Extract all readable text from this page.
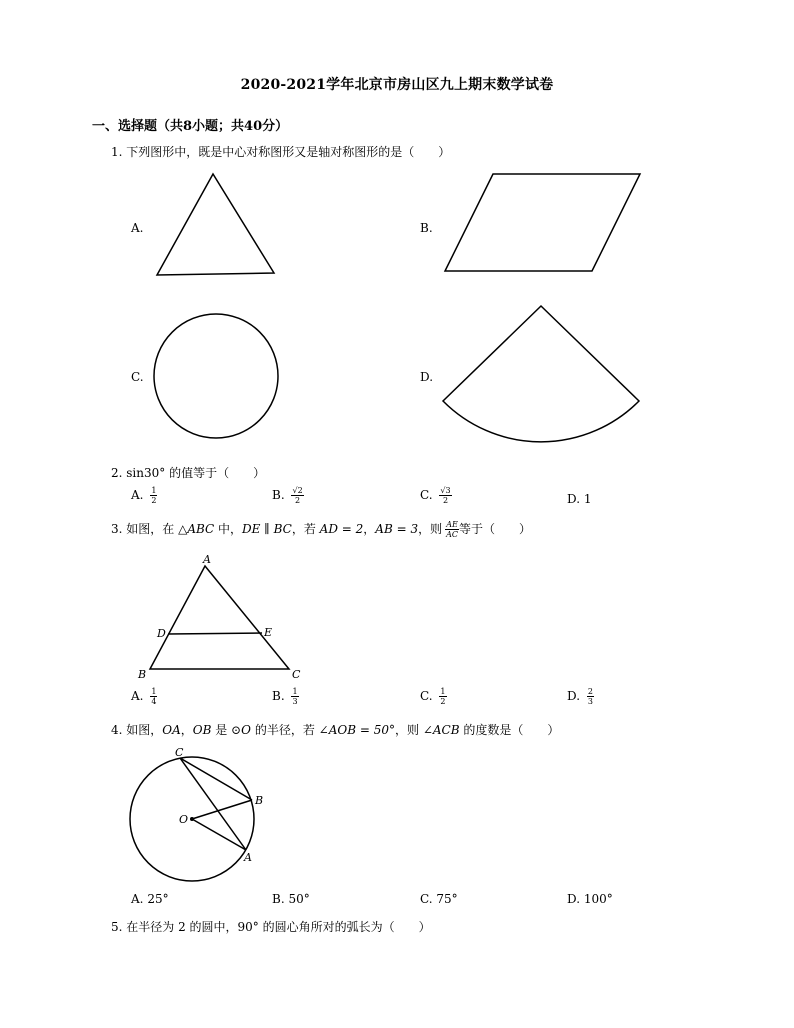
2020-2021学年北京市房山区九上期末数学试卷
一、选择题（共8小题；共40分）
1. 下列图形中，既是中心对称图形又是轴对称图形的是（　　）
A.	B.
C.	D.
2. sin30° 的值等于（　　）
A. $\frac{1}{2}$	B. $\frac{√2}{2}$	C. $\frac{√3}{2}$	D. 1
3. 如图，在 △ABC 中，DE ∥ BC，若 AD = 2，AB = 3，则 $\frac{AE}{AC}$ 等于（　　）
A
B	C
D	E
A. $\frac{1}{4}$	B. $\frac{1}{3}$	C. $\frac{1}{2}$	D. $\frac{2}{3}$
4. 如图，OA，OB 是 ⊙O 的半径，若 ∠AOB = 50°，则 ∠ACB 的度数是（　　）
C
B
O
A
A. 25°	B. 50°	C. 75°	D. 100°
5. 在半径为 2 的圆中，90° 的圆心角所对的弧长为（　　）
